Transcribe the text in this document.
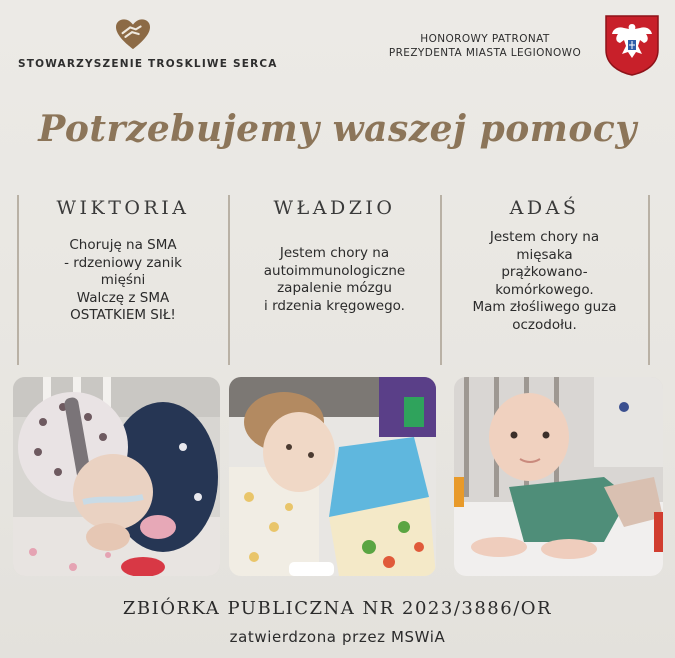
STOWARZYSZENIE TROSKLIWE SERCA
HONOROWY PATRONAT
PREZYDENTA MIASTA LEGIONOWO
Potrzebujemy waszej pomocy
WIKTORIA
Choruję na SMA
- rdzeniowy zanik
mięśni
Walczę z SMA
OSTATKIEM SIŁ!
WŁADZIO
Jestem chory na
autoimmunologiczne
zapalenie mózgu
i rdzenia kręgowego.
ADAŚ
Jestem chory na
mięsaka
prążkowano-
komórkowego.
Mam złośliwego guza
oczodołu.
ZBIÓRKA PUBLICZNA NR 2023/3886/OR
zatwierdzona przez MSWiA
